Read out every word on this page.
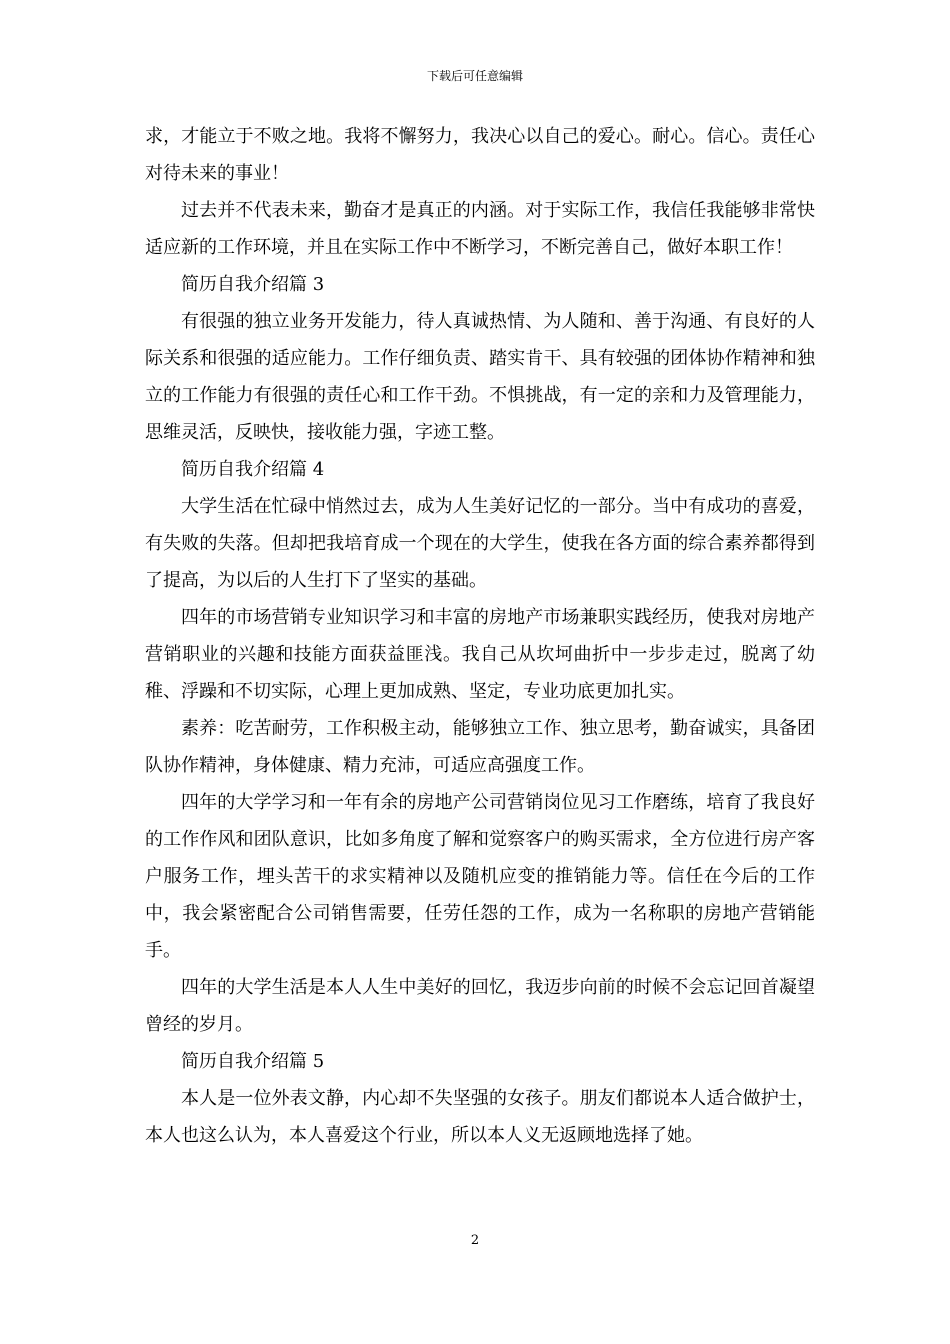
下载后可任意编辑

求，才能立于不败之地。我将不懈努力，我决心以自己的爱心。耐心。信心。责任心对待未来的事业！

过去并不代表未来，勤奋才是真正的内涵。对于实际工作，我信任我能够非常快适应新的工作环境，并且在实际工作中不断学习，不断完善自己，做好本职工作！

简历自我介绍篇 3

有很强的独立业务开发能力，待人真诚热情、为人随和、善于沟通、有良好的人际关系和很强的适应能力。工作仔细负责、踏实肯干、具有较强的团体协作精神和独立的工作能力有很强的责任心和工作干劲。不惧挑战，有一定的亲和力及管理能力，思维灵活，反映快，接收能力强，字迹工整。

简历自我介绍篇 4

大学生活在忙碌中悄然过去，成为人生美好记忆的一部分。当中有成功的喜爱，有失败的失落。但却把我培育成一个现在的大学生，使我在各方面的综合素养都得到了提高，为以后的人生打下了坚实的基础。

四年的市场营销专业知识学习和丰富的房地产市场兼职实践经历，使我对房地产营销职业的兴趣和技能方面获益匪浅。我自己从坎坷曲折中一步步走过，脱离了幼稚、浮躁和不切实际，心理上更加成熟、坚定，专业功底更加扎实。

素养：吃苦耐劳，工作积极主动，能够独立工作、独立思考，勤奋诚实，具备团队协作精神，身体健康、精力充沛，可适应高强度工作。

四年的大学学习和一年有余的房地产公司营销岗位见习工作磨练，培育了我良好的工作作风和团队意识，比如多角度了解和觉察客户的购买需求，全方位进行房产客户服务工作，埋头苦干的求实精神以及随机应变的推销能力等。信任在今后的工作中，我会紧密配合公司销售需要，任劳任怨的工作，成为一名称职的房地产营销能手。

四年的大学生活是本人人生中美好的回忆，我迈步向前的时候不会忘记回首凝望曾经的岁月。

简历自我介绍篇 5

本人是一位外表文静，内心却不失坚强的女孩子。朋友们都说本人适合做护士，本人也这么认为，本人喜爱这个行业，所以本人义无返顾地选择了她。

2
